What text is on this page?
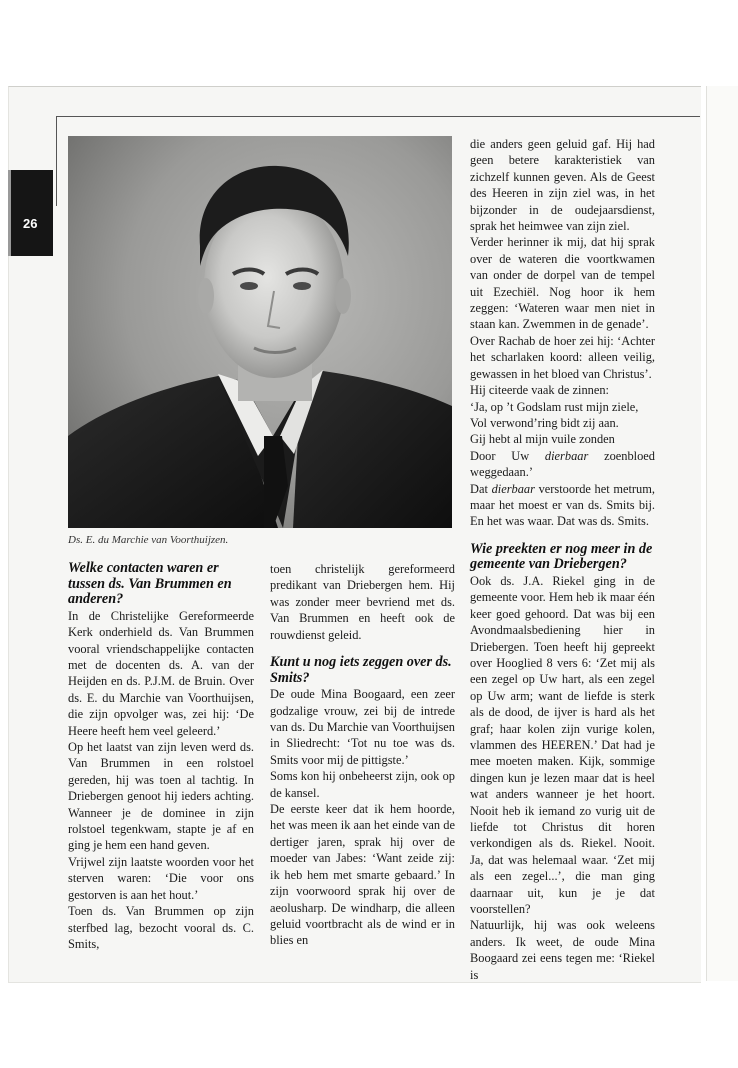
26
Ds. E. du Marchie van Voorthuijzen.
Welke contacten waren er tussen ds. Van Brummen en anderen?

In de Christelijke Gereformeerde Kerk onderhield ds. Van Brummen vooral vriendschappelijke contacten met de docenten ds. A. van der Heijden en ds. P.J.M. de Bruin. Over ds. E. du Marchie van Voorthuijsen, die zijn opvolger was, zei hij: ‘De Heere heeft hem veel geleerd.’

Op het laatst van zijn leven werd ds. Van Brummen in een rolstoel gereden, hij was toen al tachtig. In Driebergen genoot hij ieders achting. Wanneer je de dominee in zijn rolstoel tegenkwam, stapte je af en ging je hem een hand geven.

Vrijwel zijn laatste woorden voor het sterven waren: ‘Die voor ons gestorven is aan het hout.’

Toen ds. Van Brummen op zijn sterfbed lag, bezocht vooral ds. C. Smits,

toen christelijk gereformeerd predikant van Driebergen hem. Hij was zonder meer bevriend met ds. Van Brummen en heeft ook de rouwdienst geleid.

Kunt u nog iets zeggen over ds. Smits?

De oude Mina Boogaard, een zeer godzalige vrouw, zei bij de intrede van ds. Du Marchie van Voorthuijsen in Sliedrecht: ‘Tot nu toe was ds. Smits voor mij de pittigste.’

Soms kon hij onbeheerst zijn, ook op de kansel.

De eerste keer dat ik hem hoorde, het was meen ik aan het einde van de dertiger jaren, sprak hij over de moeder van Jabes: ‘Want zeide zij: ik heb hem met smarte gebaard.’ In zijn voorwoord sprak hij over de aeolusharp. De windharp, die alleen geluid voortbracht als de wind er in blies en

die anders geen geluid gaf. Hij had geen betere karakteristiek van zichzelf kunnen geven. Als de Geest des Heeren in zijn ziel was, in het bijzonder in de oudejaarsdienst, sprak het heimwee van zijn ziel.

Verder herinner ik mij, dat hij sprak over de wateren die voortkwamen van onder de dorpel van de tempel uit Ezechiël. Nog hoor ik hem zeggen: ‘Wateren waar men niet in staan kan. Zwemmen in de genade’.

Over Rachab de hoer zei hij: ‘Achter het scharlaken koord: alleen veilig, gewassen in het bloed van Christus’.

Hij citeerde vaak de zinnen:

‘Ja, op ’t Godslam rust mijn ziele,

Vol verwond’ring bidt zij aan.

Gij hebt al mijn vuile zonden

Door Uw dierbaar zoenbloed weggedaan.’

Dat dierbaar verstoorde het metrum, maar het moest er van ds. Smits bij. En het was waar. Dat was ds. Smits.

Wie preekten er nog meer in de gemeente van Driebergen?

Ook ds. J.A. Riekel ging in de gemeente voor. Hem heb ik maar één keer goed gehoord. Dat was bij een Avondmaalsbediening hier in Driebergen. Toen heeft hij gepreekt over Hooglied 8 vers 6: ‘Zet mij als een zegel op Uw hart, als een zegel op Uw arm; want de liefde is sterk als de dood, de ijver is hard als het graf; haar kolen zijn vurige kolen, vlammen des HEEREN.’ Dat had je mee moeten maken. Kijk, sommige dingen kun je lezen maar dat is heel wat anders wanneer je het hoort. Nooit heb ik iemand zo vurig uit de liefde tot Christus dit horen verkondigen als ds. Riekel. Nooit. Ja, dat was helemaal waar. ‘Zet mij als een zegel...’, die man ging daarnaar uit, kun je je dat voorstellen?

Natuurlijk, hij was ook weleens anders. Ik weet, de oude Mina Boogaard zei eens tegen me: ‘Riekel is
